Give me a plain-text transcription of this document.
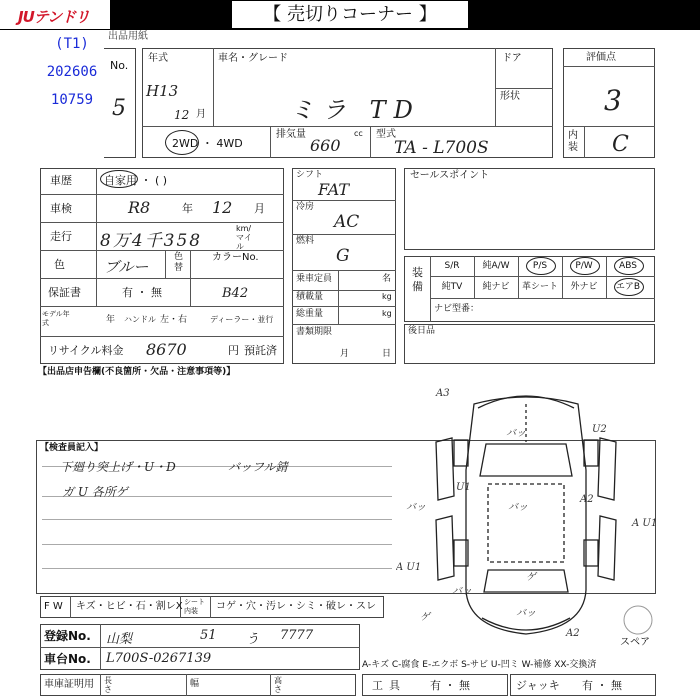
JUテンドリ	【 売切りコーナー 】
(T1)
202606
10759
出品用紙
No.
5
年式
H13
12 月
車名・グレード
ミラ TD
ドア
形状
2WD ・ 4WD
排気量
660
cc 型式
TA - L700S
評価点
3
内装 C
車歴	自家用 ・ ( )
車検	R8	年 12 月
走行 8万4千358
km/マイル
色	ブルー
色替
カラーNo.
B42
保証書	有 ・ 無
モデル年式	年 ハンドル 左・右	ディーラー・並行
リサイクル料金 8670	円 預託済
シフト
FAT
冷房
AC
燃料
G
乗車定員	名
積載量	kg
総重量	kg
書類期限
月	日
セールスポイント
装備
S/R	純A/W	P/S	P/W	ABS
純TV	純ナビ	革シート	外ナビ	エアB
ナビ型番：
後日品
【出品店申告欄(不良箇所・欠品・注意事項等)】
【検査員記入】
下廻り突上げ・U・D	バッフル錆
ガ U 各所ゲ
A3
バッ	U2
U1
バッ
A2
A U1
バッ
A U1
バッ
A2
ゲ
ゲ
バッ
スペア
F W キズ・ヒビ・石・割レX シート内装	コゲ・穴・汚レ・シミ・破レ・スレ
登録No. 山梨	51 う 7777
車台No. L700S-0267139	A-キズ C-腐食 E-エクボ S-サビ U-凹ミ W-補修 XX-交換済
車庫証明用 長さ
幅	高さ	工具 有 ・ 無	ジャッキ 有 ・ 無
